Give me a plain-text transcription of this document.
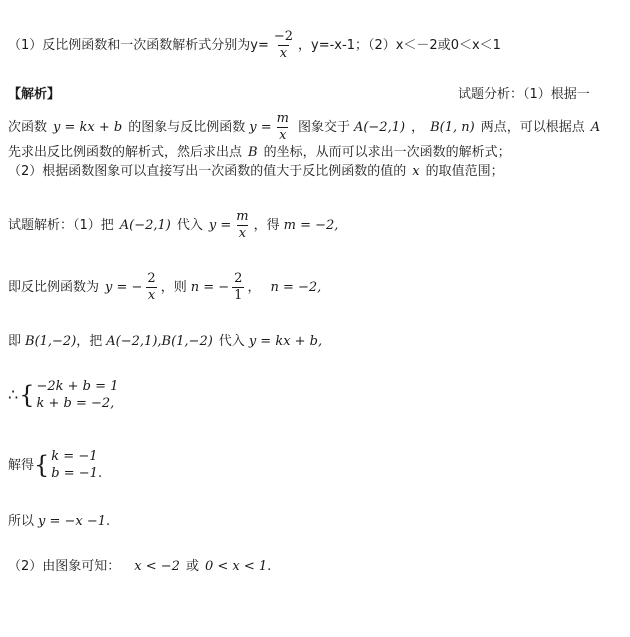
（1）反比例函数和一次函数解析式分别为$y= \frac{-2}{x}$ ，y=-x-1；（2）x＜－2或0＜x＜1
【解析】	试题分析：（1）根据一
次函数 y = kx + b 的图象与反比例函数 $y = \frac{m}{x}$ 图象交于 A(−2,1) ， B(1, n) 两点，可以根据点 A
先求出反比例函数的解析式，然后求出点 B 的坐标，从而可以求出一次函数的解析式；
（2）根据函数图象可以直接写出一次函数的值大于反比例函数的值的 x 的取值范围；
试题解析：（1）把 A(−2,1) 代入 $y = \frac{m}{x}$ ，得 m = −2,
即反比例函数为 y = − $\frac{2}{x}$ ，则 n = − $\frac{2}{1}$ ， n = −2,
即 B(1,−2) ，把 A(−2,1),B(1,−2) 代入 y = kx + b,
∴ { −2k + b = 1
k + b = −2,
解得 { k = −1
b = −1.
所以 y = −x −1.
（2）由图象可知： x < −2 或 0 < x < 1.
